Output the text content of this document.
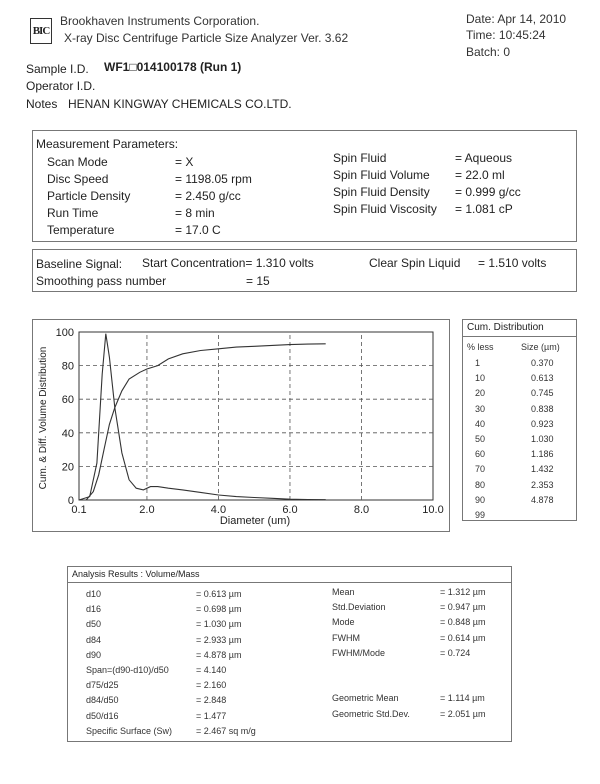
BIC
Brookhaven Instruments Corporation.
X-ray Disc Centrifuge Particle Size Analyzer Ver. 3.62
Date: Apr 14, 2010
Time: 10:45:24
Batch: 0
Sample I.D. WF1□014100178 (Run 1)
Operator I.D.
Notes HENAN KINGWAY CHEMICALS CO.LTD.
Measurement Parameters:
Scan Mode	= X
Disc Speed	= 1198.05 rpm
Particle Density	= 2.450 g/cc
Run Time	= 8 min
Temperature	= 17.0 C
Spin Fluid	= Aqueous
Spin Fluid Volume = 22.0 ml
Spin Fluid Density = 0.999 g/cc
Spin Fluid Viscosity = 1.081 cP
Baseline Signal: Start Concentration= 1.310 volts	Clear Spin Liquid = 1.510 volts
Smoothing pass number	= 15
0
20
40
60
80
100
0.1	2.0	4.0	6.0	8.0	10.0
Diameter (um)
Cum. & Diff. Volume Distribution
Cum. Distribution
% less	Size (µm)
1	0.370
10	0.613
20	0.745
30	0.838
40	0.923
50	1.030
60	1.186
70	1.432
80	2.353
90	4.878
99
Analysis Results : Volume/Mass
d10	= 0.613 µm
d16	= 0.698 µm
d50	= 1.030 µm
d84	= 2.933 µm
d90	= 4.878 µm
Span=(d90-d10)/d50	= 4.140
d75/d25	= 2.160
d84/d50	= 2.848
d50/d16	= 1.477
Specific Surface (Sw)	= 2.467 sq m/g
Mean	= 1.312 µm
Std.Deviation	= 0.947 µm
Mode	= 0.848 µm
FWHM	= 0.614 µm
FWHM/Mode	= 0.724
Geometric Mean	= 1.114 µm
Geometric Std.Dev.	= 2.051 µm
